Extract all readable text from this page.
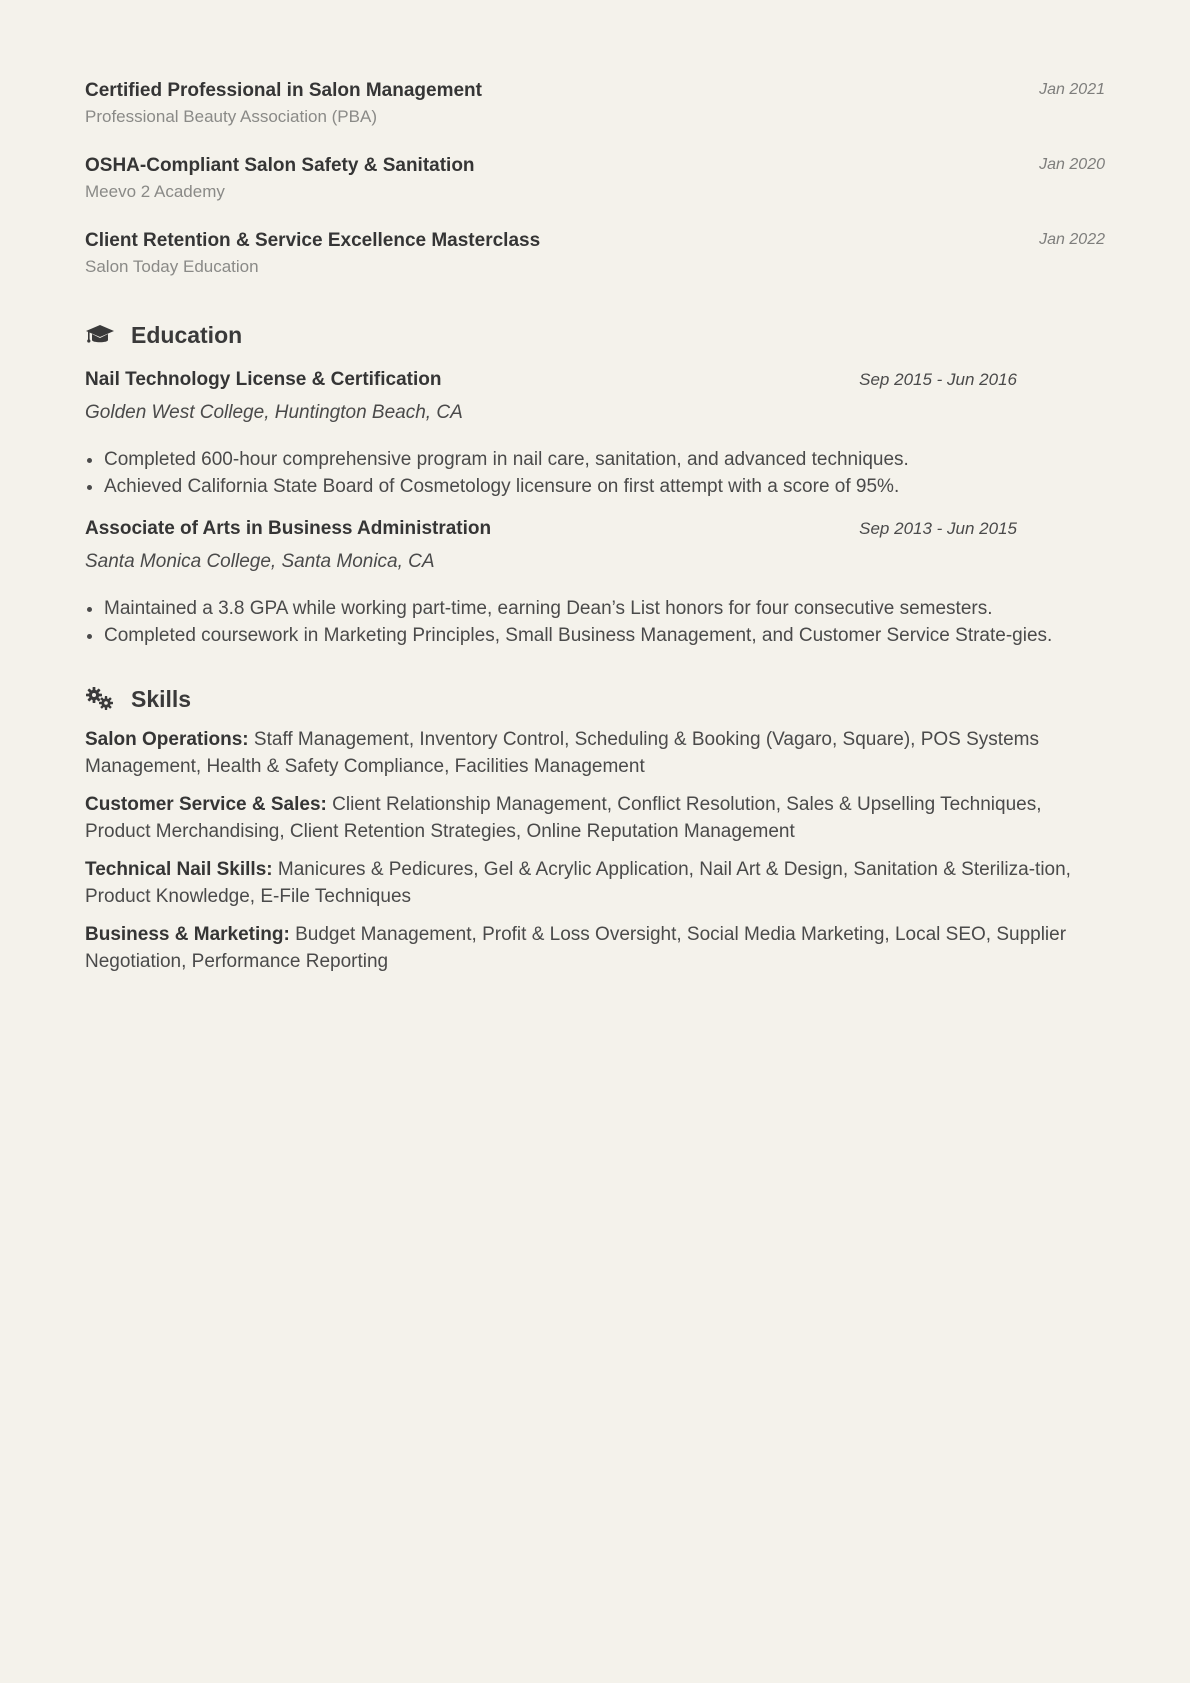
Certified Professional in Salon Management
Professional Beauty Association (PBA)
Jan 2021
OSHA-Compliant Salon Safety & Sanitation
Meevo 2 Academy
Jan 2020
Client Retention & Service Excellence Masterclass
Salon Today Education
Jan 2022
Education
Nail Technology License & Certification	Sep 2015 - Jun 2016
Golden West College, Huntington Beach, CA
• Completed 600-hour comprehensive program in nail care, sanitation, and advanced techniques.
• Achieved California State Board of Cosmetology licensure on first attempt with a score of 95%.
Associate of Arts in Business Administration	Sep 2013 - Jun 2015
Santa Monica College, Santa Monica, CA
• Maintained a 3.8 GPA while working part-time, earning Dean’s List honors for four consecutive semesters.
• Completed coursework in Marketing Principles, Small Business Management, and Customer Service Strate-gies.
Skills
Salon Operations: Staff Management, Inventory Control, Scheduling & Booking (Vagaro, Square), POS Systems Management, Health & Safety Compliance, Facilities Management
Customer Service & Sales: Client Relationship Management, Conflict Resolution, Sales & Upselling Techniques, Product Merchandising, Client Retention Strategies, Online Reputation Management
Technical Nail Skills: Manicures & Pedicures, Gel & Acrylic Application, Nail Art & Design, Sanitation & Steriliza-tion, Product Knowledge, E-File Techniques
Business & Marketing: Budget Management, Profit & Loss Oversight, Social Media Marketing, Local SEO, Supplier Negotiation, Performance Reporting
